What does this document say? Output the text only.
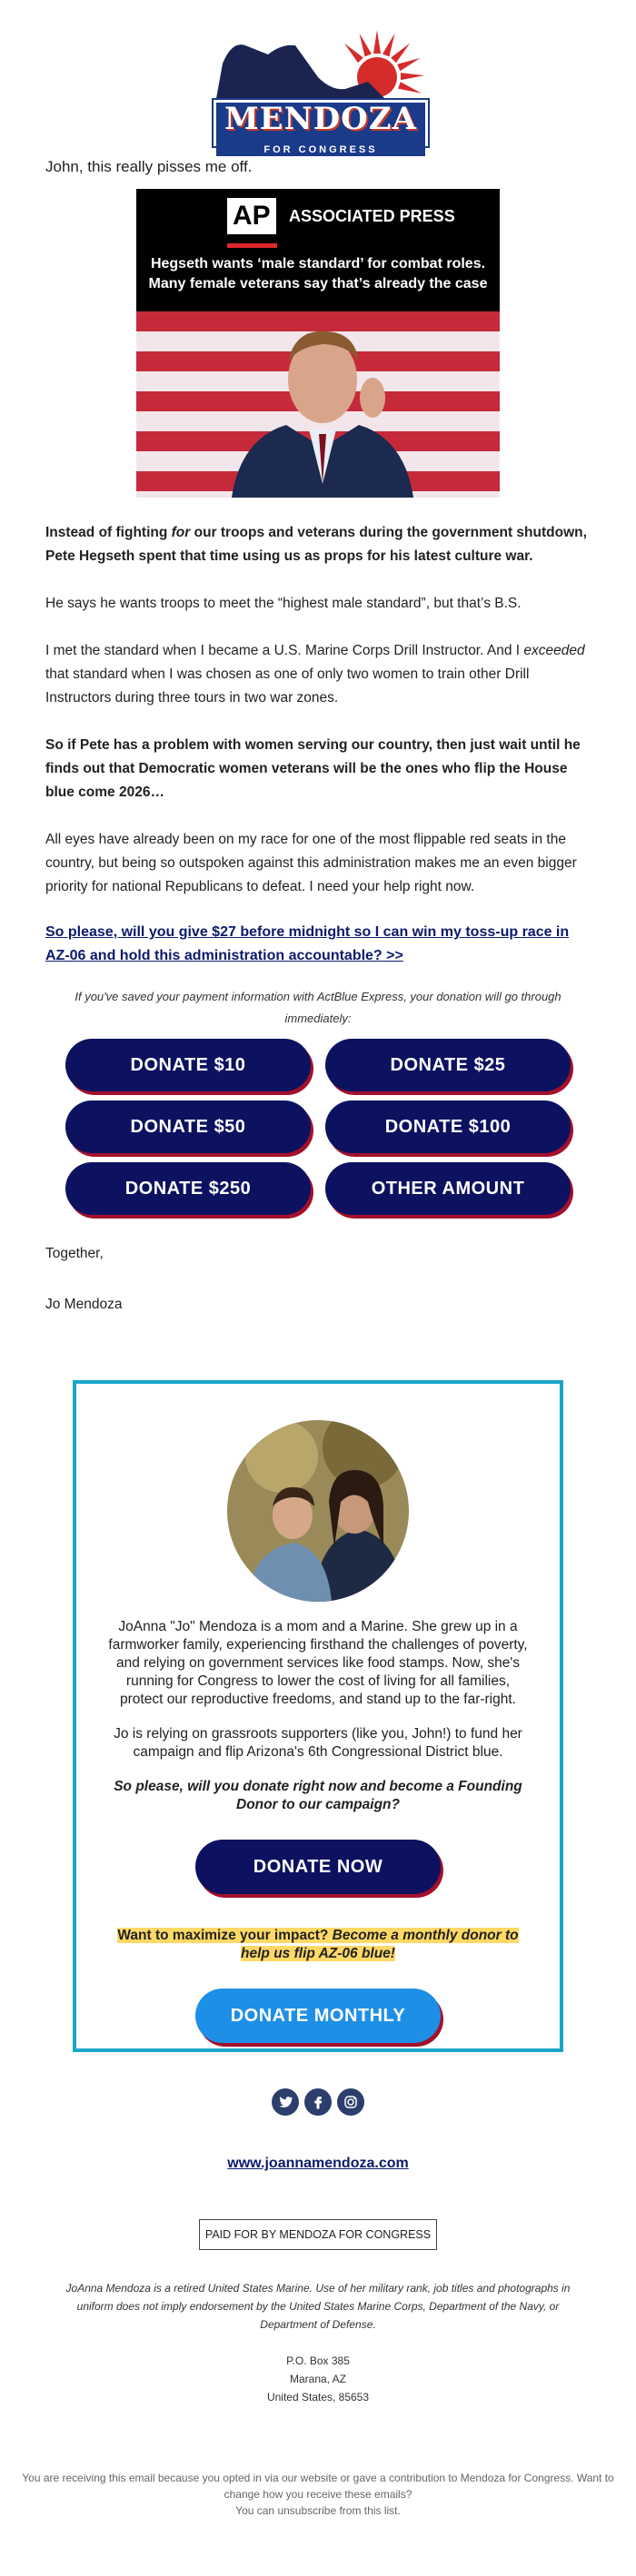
MENDOZA
FOR CONGRESS
John, this really pisses me off.
AP	ASSOCIATED PRESS
Hegseth wants ‘male standard’ for combat roles. Many female veterans say that’s already the case

Instead of fighting for our troops and veterans during the government shutdown, Pete Hegseth spent that time using us as props for his latest culture war.

He says he wants troops to meet the “highest male standard”, but that’s B.S.

I met the standard when I became a U.S. Marine Corps Drill Instructor. And I exceeded that standard when I was chosen as one of only two women to train other Drill Instructors during three tours in two war zones.

So if Pete has a problem with women serving our country, then just wait until he finds out that Democratic women veterans will be the ones who flip the House blue come 2026…

All eyes have already been on my race for one of the most flippable red seats in the country, but being so outspoken against this administration makes me an even bigger priority for national Republicans to defeat. I need your help right now.

So please, will you give $27 before midnight so I can win my toss-up race in AZ-06 and hold this administration accountable? >>

If you've saved your payment information with ActBlue Express, your donation will go through immediately:

DONATE $10	DONATE $25
DONATE $50	DONATE $100
DONATE $250	OTHER AMOUNT
Together,
Jo Mendoza

JoAnna "Jo" Mendoza is a mom and a Marine. She grew up in a farmworker family, experiencing firsthand the challenges of poverty, and relying on government services like food stamps. Now, she's running for Congress to lower the cost of living for all families, protect our reproductive freedoms, and stand up to the far-right.

Jo is relying on grassroots supporters (like you, John!) to fund her campaign and flip Arizona's 6th Congressional District blue.

So please, will you donate right now and become a Founding Donor to our campaign?

DONATE NOW
Want to maximize your impact? Become a monthly donor to help us flip AZ-06 blue!
DONATE MONTHLY
www.joannamendoza.com
PAID FOR BY MENDOZA FOR CONGRESS

JoAnna Mendoza is a retired United States Marine. Use of her military rank, job titles and photographs in uniform does not imply endorsement by the United States Marine Corps, Department of the Navy, or Department of Defense.

P.O. Box 385
Marana, AZ
United States, 85653
You are receiving this email because you opted in via our website or gave a contribution to Mendoza for Congress. Want to change how you receive these emails?
You can unsubscribe from this list.
